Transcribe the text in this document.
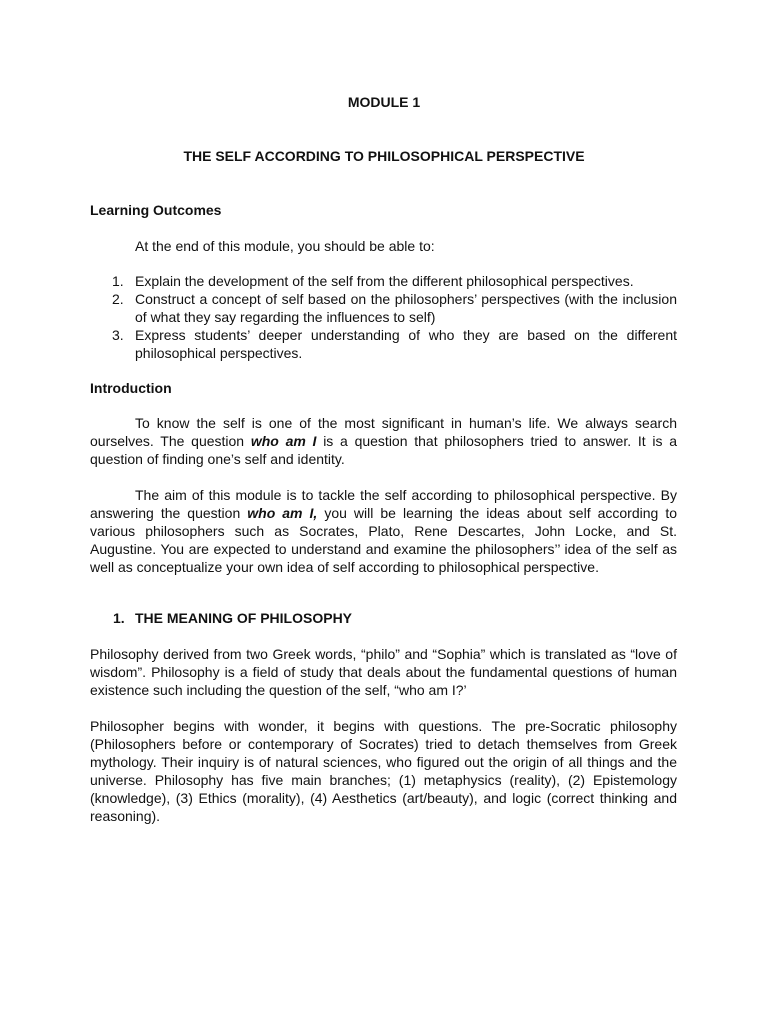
MODULE 1
THE SELF ACCORDING TO PHILOSOPHICAL PERSPECTIVE
Learning Outcomes
At the end of this module, you should be able to:
1. Explain the development of the self from the different philosophical perspectives.
2. Construct a concept of self based on the philosophers’ perspectives (with the inclusion of what they say regarding the influences to self)
3. Express students’ deeper understanding of who they are based on the different philosophical perspectives.
Introduction

To know the self is one of the most significant in human’s life. We always search ourselves. The question who am I is a question that philosophers tried to answer. It is a question of finding one’s self and identity.

The aim of this module is to tackle the self according to philosophical perspective. By answering the question who am I, you will be learning the ideas about self according to various philosophers such as Socrates, Plato, Rene Descartes, John Locke, and St. Augustine. You are expected to understand and examine the philosophers’’ idea of the self as well as conceptualize your own idea of self according to philosophical perspective.

1. THE MEANING OF PHILOSOPHY

Philosophy derived from two Greek words, “philo” and “Sophia” which is translated as “love of wisdom”. Philosophy is a field of study that deals about the fundamental questions of human existence such including the question of the self, “who am I?’

Philosopher begins with wonder, it begins with questions. The pre-Socratic philosophy (Philosophers before or contemporary of Socrates) tried to detach themselves from Greek mythology. Their inquiry is of natural sciences, who figured out the origin of all things and the universe. Philosophy has five main branches; (1) metaphysics (reality), (2) Epistemology (knowledge), (3) Ethics (morality), (4) Aesthetics (art/beauty), and logic (correct thinking and reasoning).
